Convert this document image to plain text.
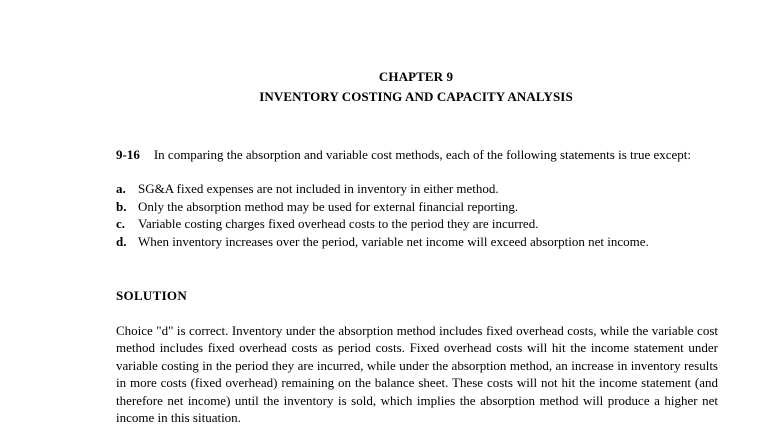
CHAPTER 9
INVENTORY COSTING AND CAPACITY ANALYSIS
9-16 In comparing the absorption and variable cost methods, each of the following statements is true except:
a. SG&A fixed expenses are not included in inventory in either method.
b. Only the absorption method may be used for external financial reporting.
c. Variable costing charges fixed overhead costs to the period they are incurred.
d. When inventory increases over the period, variable net income will exceed absorption net income.
SOLUTION
Choice "d" is correct. Inventory under the absorption method includes fixed overhead costs, while the variable cost method includes fixed overhead costs as period costs. Fixed overhead costs will hit the income statement under variable costing in the period they are incurred, while under the absorption method, an increase in inventory results in more costs (fixed overhead) remaining on the balance sheet. These costs will not hit the income statement (and therefore net income) until the inventory is sold, which implies the absorption method will produce a higher net income in this situation.
